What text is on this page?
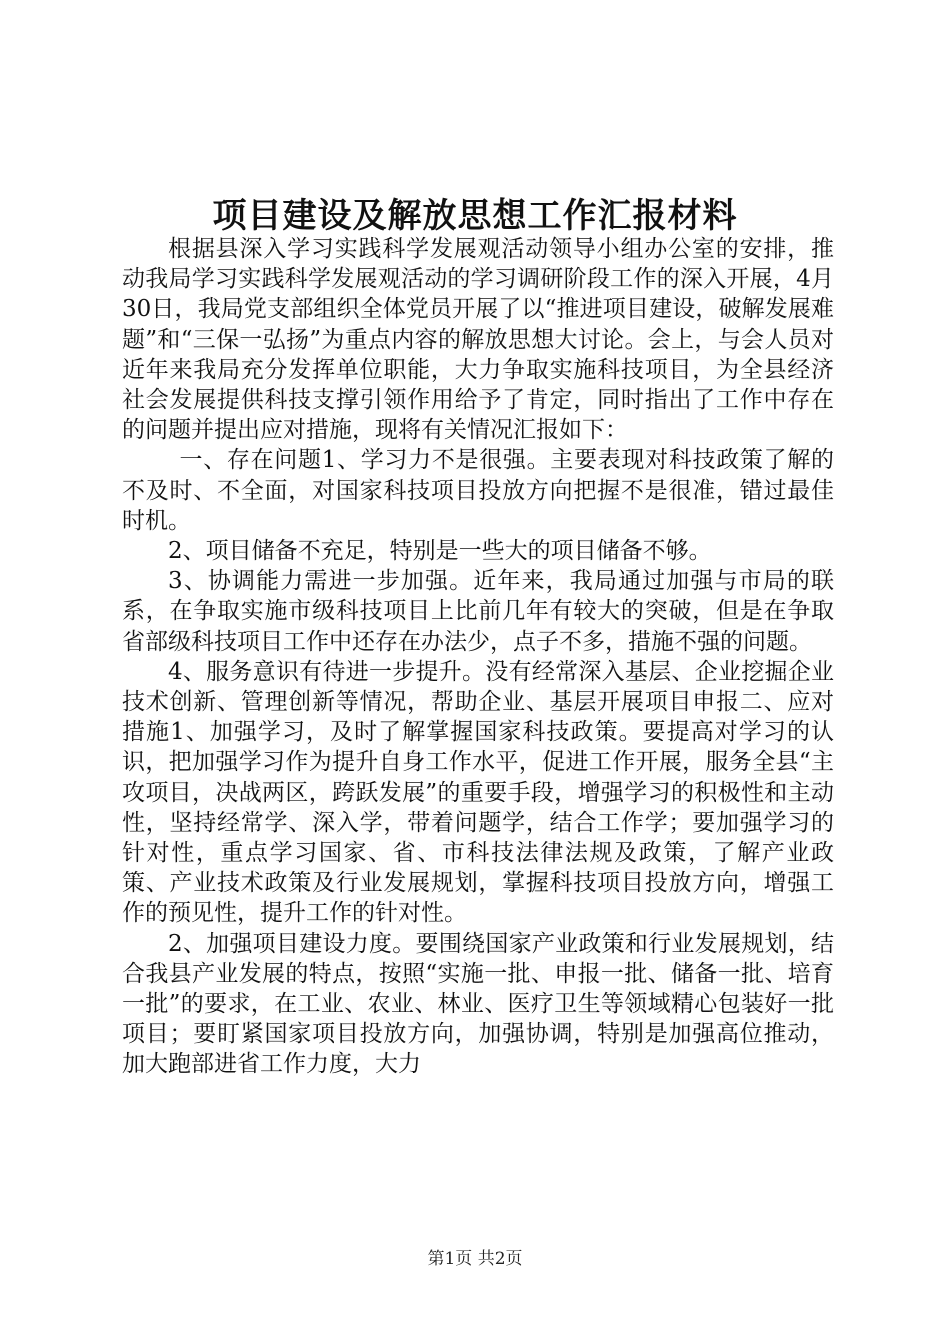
项目建设及解放思想工作汇报材料

根据县深入学习实践科学发展观活动领导小组办公室的安排，推动我局学习实践科学发展观活动的学习调研阶段工作的深入开展，4月30日，我局党支部组织全体党员开展了以“推进项目建设，破解发展难题”和“三保一弘扬”为重点内容的解放思想大讨论。会上，与会人员对近年来我局充分发挥单位职能，大力争取实施科技项目，为全县经济社会发展提供科技支撑引领作用给予了肯定，同时指出了工作中存在的问题并提出应对措施，现将有关情况汇报如下：

一、存在问题1、学习力不是很强。主要表现对科技政策了解的不及时、不全面，对国家科技项目投放方向把握不是很准，错过最佳时机。

2、项目储备不充足，特别是一些大的项目储备不够。

3、协调能力需进一步加强。近年来，我局通过加强与市局的联系，在争取实施市级科技项目上比前几年有较大的突破，但是在争取省部级科技项目工作中还存在办法少，点子不多，措施不强的问题。

4、服务意识有待进一步提升。没有经常深入基层、企业挖掘企业技术创新、管理创新等情况，帮助企业、基层开展项目申报二、应对措施1、加强学习，及时了解掌握国家科技政策。要提高对学习的认识，把加强学习作为提升自身工作水平，促进工作开展，服务全县“主攻项目，决战两区，跨跃发展”的重要手段，增强学习的积极性和主动性，坚持经常学、深入学，带着问题学，结合工作学；要加强学习的针对性，重点学习国家、省、市科技法律法规及政策，了解产业政策、产业技术政策及行业发展规划，掌握科技项目投放方向，增强工作的预见性，提升工作的针对性。

2、加强项目建设力度。要围绕国家产业政策和行业发展规划，结合我县产业发展的特点，按照“实施一批、申报一批、储备一批、培育一批”的要求，在工业、农业、林业、医疗卫生等领域精心包装好一批项目；要盯紧国家项目投放方向，加强协调，特别是加强高位推动，加大跑部进省工作力度，大力

第1页 共2页
